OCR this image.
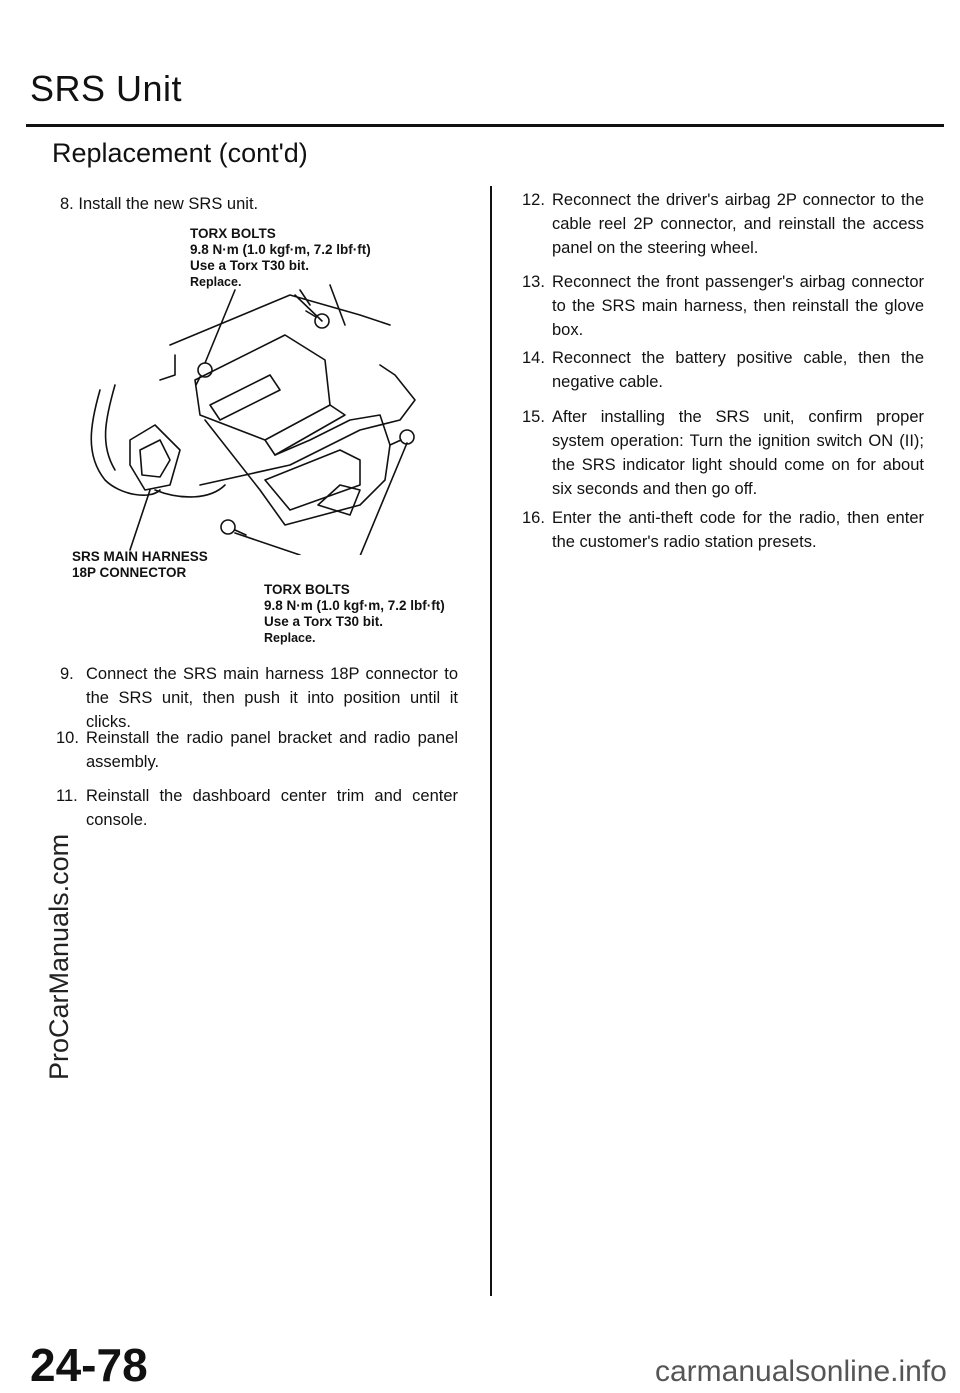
SRS Unit
Replacement (cont'd)
8. Install the new SRS unit.
TORX BOLTS
9.8 N·m (1.0 kgf·m, 7.2 lbf·ft)
Use a Torx T30 bit.
Replace.
SRS MAIN HARNESS
18P CONNECTOR
TORX BOLTS
9.8 N·m (1.0 kgf·m, 7.2 lbf·ft)
Use a Torx T30 bit.
Replace.
9. Connect the SRS main harness 18P connector to the SRS unit, then push it into position until it clicks.
10. Reinstall the radio panel bracket and radio panel assembly.
11. Reinstall the dashboard center trim and center console.
12. Reconnect the driver's airbag 2P connector to the cable reel 2P connector, and reinstall the access panel on the steering wheel.
13. Reconnect the front passenger's airbag connector to the SRS main harness, then reinstall the glove box.
14. Reconnect the battery positive cable, then the negative cable.
15. After installing the SRS unit, confirm proper system operation: Turn the ignition switch ON (II); the SRS indicator light should come on for about six seconds and then go off.
16. Enter the anti-theft code for the radio, then enter the customer's radio station presets.
ProCarManuals.com
24-78	carmanualsonline.info
